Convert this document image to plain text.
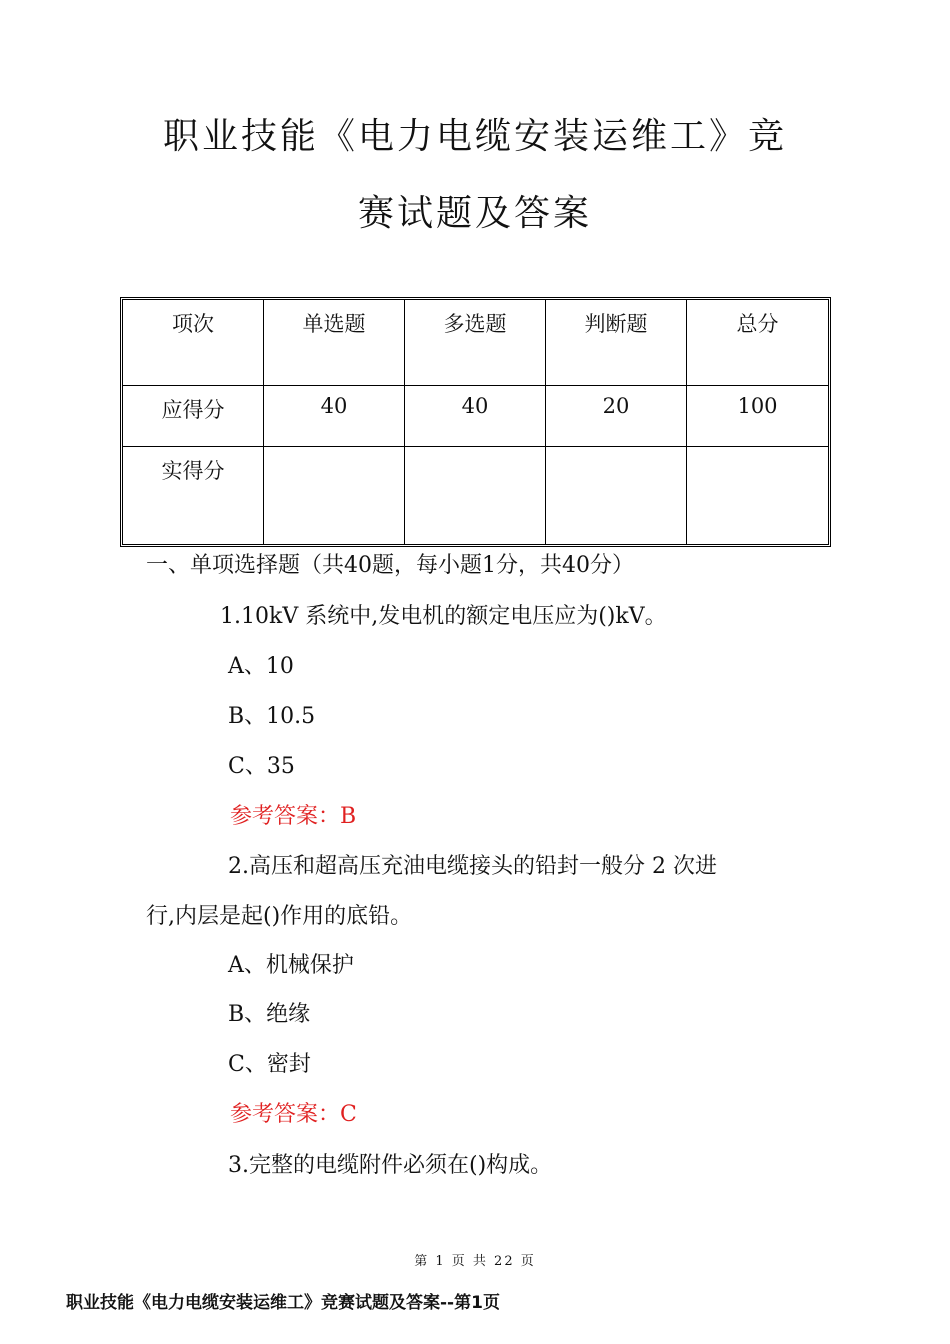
职业技能《电力电缆安装运维工》竞
赛试题及答案
项次	单选题	多选题	判断题	总分
应得分	40	40	20	100
实得分				
一、单项选择题（共40题，每小题1分，共40分）
1.10kV 系统中,发电机的额定电压应为()kV。
A、10
B、10.5
C、35
参考答案：B
2.高压和超高压充油电缆接头的铅封一般分 2 次进
行,内层是起()作用的底铅。
A、机械保护
B、绝缘
C、密封
参考答案：C
3.完整的电缆附件必须在()构成。
第 1 页 共 22 页
职业技能《电力电缆安装运维工》竞赛试题及答案--第1页
